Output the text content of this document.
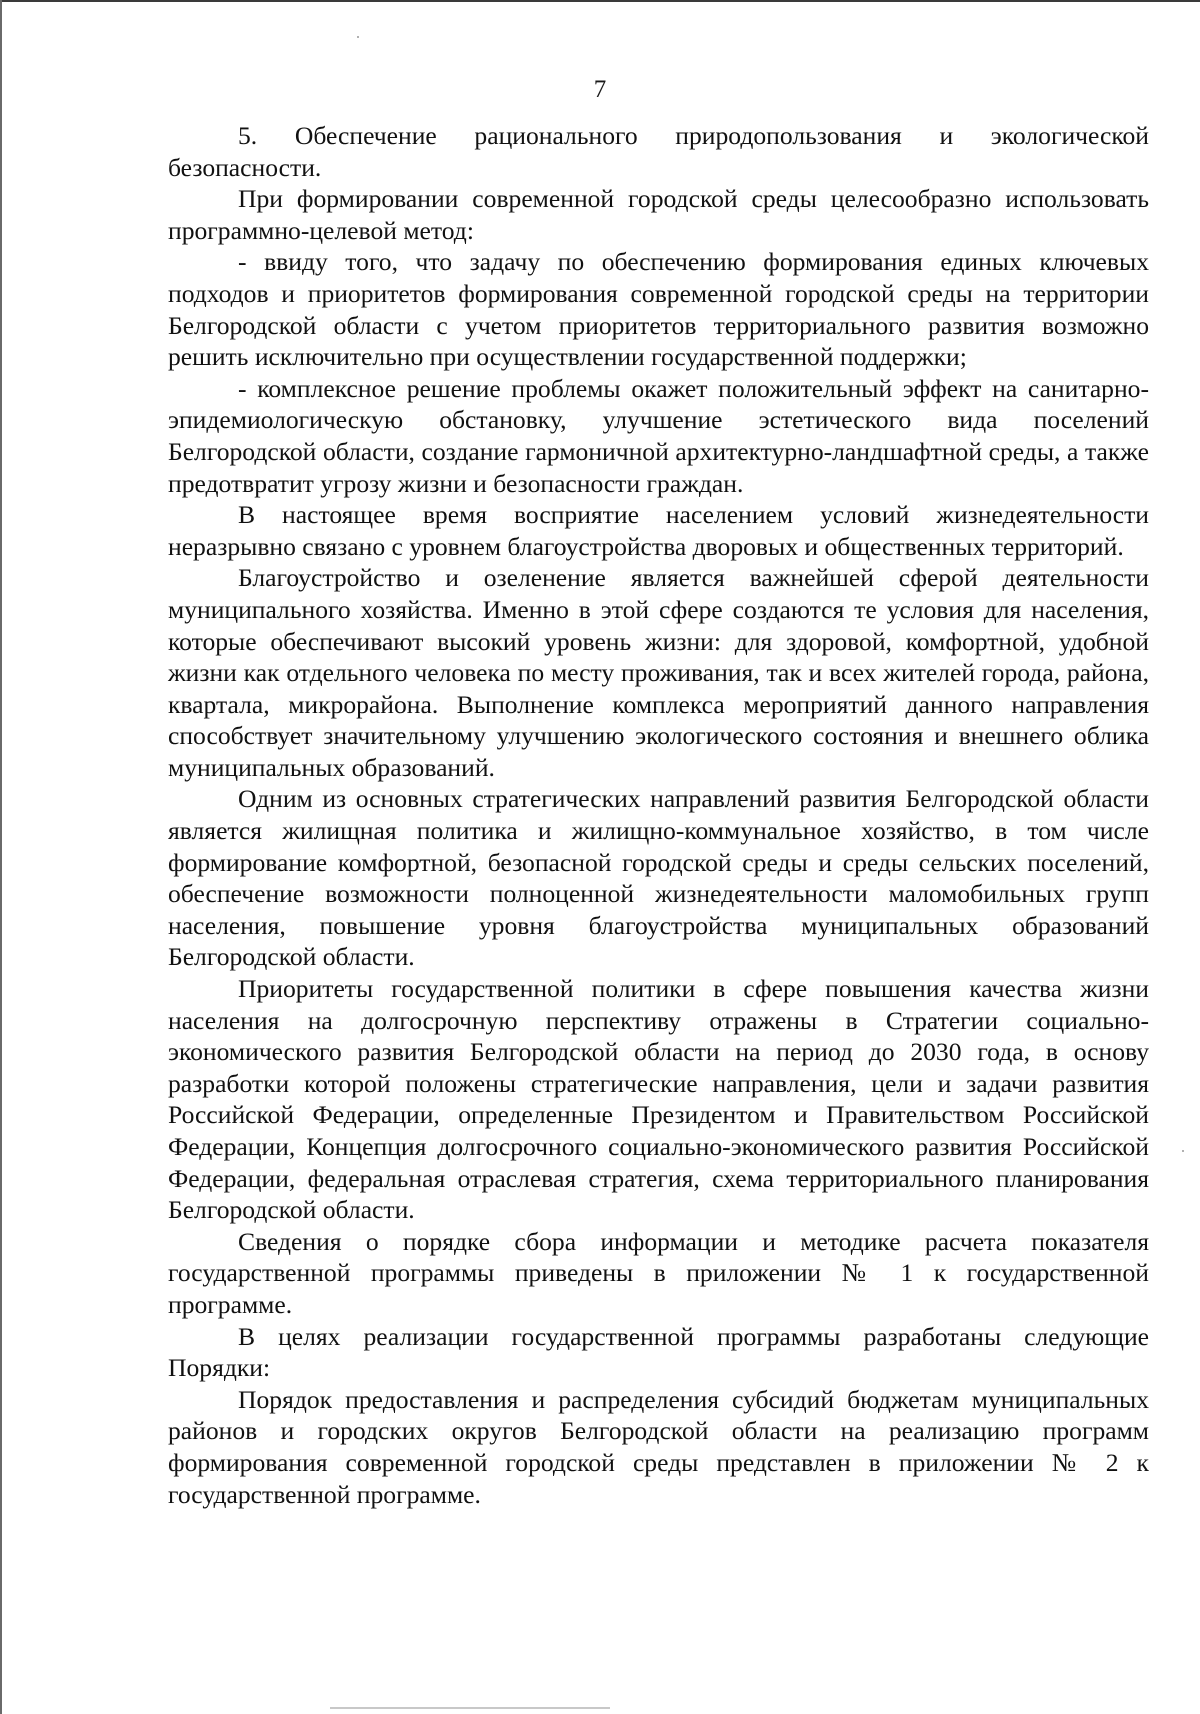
7

5. Обеспечение рационального природопользования и экологической безопасности.

При формировании современной городской среды целесообразно использовать программно-целевой метод:

- ввиду того, что задачу по обеспечению формирования единых ключевых подходов и приоритетов формирования современной городской среды на территории Белгородской области с учетом приоритетов территориального развития возможно решить исключительно при осуществлении государственной поддержки;

- комплексное решение проблемы окажет положительный эффект на санитарно-эпидемиологическую обстановку, улучшение эстетического вида поселений Белгородской области, создание гармоничной архитектурно-ландшафтной среды, а также предотвратит угрозу жизни и безопасности граждан.

В настоящее время восприятие населением условий жизнедеятельности неразрывно связано с уровнем благоустройства дворовых и общественных территорий.

Благоустройство и озеленение является важнейшей сферой деятельности муниципального хозяйства. Именно в этой сфере создаются те условия для населения, которые обеспечивают высокий уровень жизни: для здоровой, комфортной, удобной жизни как отдельного человека по месту проживания, так и всех жителей города, района, квартала, микрорайона. Выполнение комплекса мероприятий данного направления способствует значительному улучшению экологического состояния и внешнего облика муниципальных образований.

Одним из основных стратегических направлений развития Белгородской области является жилищная политика и жилищно-коммунальное хозяйство, в том числе формирование комфортной, безопасной городской среды и среды сельских поселений, обеспечение возможности полноценной жизнедеятельности маломобильных групп населения, повышение уровня благоустройства муниципальных образований Белгородской области.

Приоритеты государственной политики в сфере повышения качества жизни населения на долгосрочную перспективу отражены в Стратегии социально-экономического развития Белгородской области на период до 2030 года, в основу разработки которой положены стратегические направления, цели и задачи развития Российской Федерации, определенные Президентом и Правительством Российской Федерации, Концепция долгосрочного социально-экономического развития Российской Федерации, федеральная отраслевая стратегия, схема территориального планирования Белгородской области.

Сведения о порядке сбора информации и методике расчета показателя государственной программы приведены в приложении № 1 к государственной программе.

В целях реализации государственной программы разработаны следующие Порядки:

Порядок предоставления и распределения субсидий бюджетам муниципальных районов и городских округов Белгородской области на реализацию программ формирования современной городской среды представлен в приложении № 2 к государственной программе.
